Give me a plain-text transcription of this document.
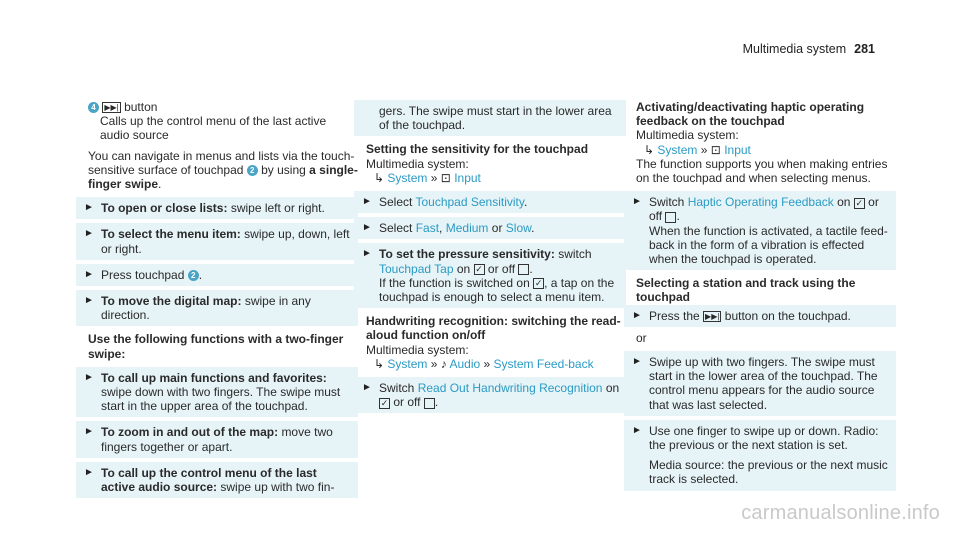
Multimedia system 281
4 ▶▶| button
Calls up the control menu of the last active audio source
You can navigate in menus and lists via the touch-sensitive surface of touchpad 2 by using a single-finger swipe.
► To open or close lists: swipe left or right.
► To select the menu item: swipe up, down, left or right.
► Press touchpad 2 .
► To move the digital map: swipe in any direction.
Use the following functions with a two-finger swipe:
► To call up main functions and favorites: swipe down with two fingers. The swipe must start in the upper area of the touchpad.
► To zoom in and out of the map: move two fingers together or apart.
► To call up the control menu of the last active audio source: swipe up with two fin-
gers. The swipe must start in the lower area of the touchpad.
Setting the sensitivity for the touchpad
Multimedia system:
↳ System » ⊡ Input
► Select Touchpad Sensitivity.
► Select Fast, Medium or Slow.
► To set the pressure sensitivity: switch Touchpad Tap on ✓ or off .
If the function is switched on ✓ , a tap on the touchpad is enough to select a menu item.
Handwriting recognition: switching the read-aloud function on/off
Multimedia system:
↳ System » ♪ Audio » System Feed-back
► Switch Read Out Handwriting Recognition on ✓ or off .
Activating/deactivating haptic operating feedback on the touchpad
Multimedia system:
↳ System » ⊡ Input
The function supports you when making entries on the touchpad and when selecting menus.
► Switch Haptic Operating Feedback on ✓ or off .
When the function is activated, a tactile feed-back in the form of a vibration is effected when the touchpad is operated.
Selecting a station and track using the touchpad
► Press the ▶▶| button on the touchpad.
or
► Swipe up with two fingers. The swipe must start in the lower area of the touchpad. The control menu appears for the audio source that was last selected.
► Use one finger to swipe up or down. Radio: the previous or the next station is set.
Media source: the previous or the next music track is selected.
carmanualsonline.info
